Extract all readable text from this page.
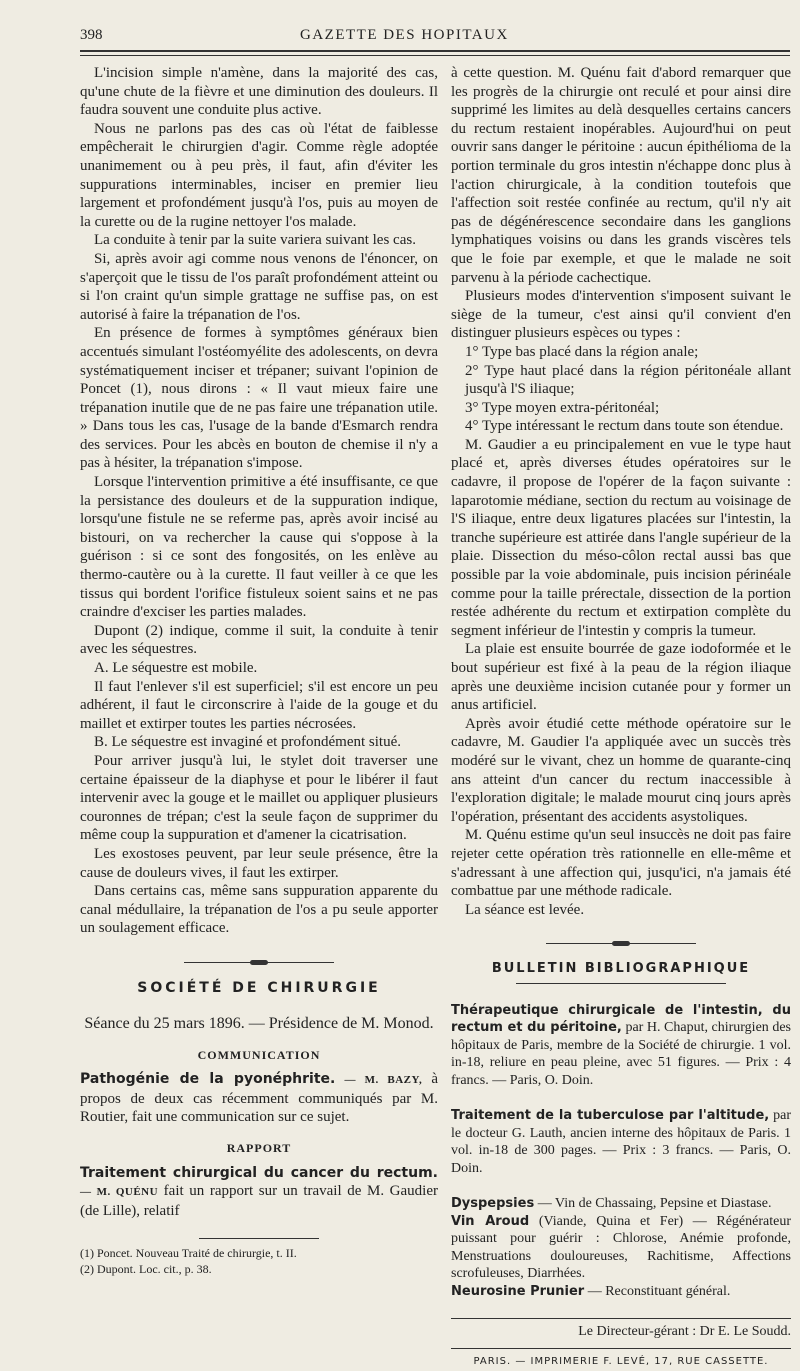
398	GAZETTE DES HOPITAUX

L'incision simple n'amène, dans la majorité des cas, qu'une chute de la fièvre et une diminution des douleurs. Il faudra souvent une conduite plus active.

Nous ne parlons pas des cas où l'état de faiblesse empêcherait le chirurgien d'agir. Comme règle adoptée unanimement ou à peu près, il faut, afin d'éviter les suppurations interminables, inciser en premier lieu largement et profondément jusqu'à l'os, puis au moyen de la curette ou de la rugine nettoyer l'os malade.

La conduite à tenir par la suite variera suivant les cas.

Si, après avoir agi comme nous venons de l'énoncer, on s'aperçoit que le tissu de l'os paraît profondément atteint ou si l'on craint qu'un simple grattage ne suffise pas, on est autorisé à faire la trépanation de l'os.

En présence de formes à symptômes généraux bien accentués simulant l'ostéomyélite des adolescents, on devra systématiquement inciser et trépaner; suivant l'opinion de Poncet (1), nous dirons : « Il vaut mieux faire une trépanation inutile que de ne pas faire une trépanation utile. » Dans tous les cas, l'usage de la bande d'Esmarch rendra des services. Pour les abcès en bouton de chemise il n'y a pas à hésiter, la trépanation s'impose.

Lorsque l'intervention primitive a été insuffisante, ce que la persistance des douleurs et de la suppuration indique, lorsqu'une fistule ne se referme pas, après avoir incisé au bistouri, on va rechercher la cause qui s'oppose à la guérison : si ce sont des fongosités, on les enlève au thermo-cautère ou à la curette. Il faut veiller à ce que les tissus qui bordent l'orifice fistuleux soient sains et ne pas craindre d'exciser les parties malades.

Dupont (2) indique, comme il suit, la conduite à tenir avec les séquestres.

A. Le séquestre est mobile.

Il faut l'enlever s'il est superficiel; s'il est encore un peu adhérent, il faut le circonscrire à l'aide de la gouge et du maillet et extirper toutes les parties nécrosées.

B. Le séquestre est invaginé et profondément situé.

Pour arriver jusqu'à lui, le stylet doit traverser une certaine épaisseur de la diaphyse et pour le libérer il faut intervenir avec la gouge et le maillet ou appliquer plusieurs couronnes de trépan; c'est la seule façon de supprimer du même coup la suppuration et d'amener la cicatrisation.

Les exostoses peuvent, par leur seule présence, être la cause de douleurs vives, il faut les extirper.

Dans certains cas, même sans suppuration apparente du canal médullaire, la trépanation de l'os a pu seule apporter un soulagement efficace.

SOCIÉTÉ DE CHIRURGIE
Séance du 25 mars 1896. — Présidence de M. Monod.
COMMUNICATION

Pathogénie de la pyonéphrite. — M. BAZY, à propos de deux cas récemment communiqués par M. Routier, fait une communication sur ce sujet.

RAPPORT

Traitement chirurgical du cancer du rectum. — M. QUÉNU fait un rapport sur un travail de M. Gaudier (de Lille), relatif

(1) Poncet. Nouveau Traité de chirurgie, t. II.

(2) Dupont. Loc. cit., p. 38.

à cette question. M. Quénu fait d'abord remarquer que les progrès de la chirurgie ont reculé et pour ainsi dire supprimé les limites au delà desquelles certains cancers du rectum restaient inopérables. Aujourd'hui on peut ouvrir sans danger le péritoine : aucun épithélioma de la portion terminale du gros intestin n'échappe donc plus à l'action chirurgicale, à la condition toutefois que l'affection soit restée confinée au rectum, qu'il n'y ait pas de dégénérescence secondaire dans les ganglions lymphatiques voisins ou dans les grands viscères tels que le foie par exemple, et que le malade ne soit parvenu à la période cachectique.

Plusieurs modes d'intervention s'imposent suivant le siège de la tumeur, c'est ainsi qu'il convient d'en distinguer plusieurs espèces ou types :

1° Type bas placé dans la région anale;

2° Type haut placé dans la région péritonéale allant jusqu'à l'S iliaque;

3° Type moyen extra-péritonéal;

4° Type intéressant le rectum dans toute son étendue.

M. Gaudier a eu principalement en vue le type haut placé et, après diverses études opératoires sur le cadavre, il propose de l'opérer de la façon suivante : laparotomie médiane, section du rectum au voisinage de l'S iliaque, entre deux ligatures placées sur l'intestin, la tranche supérieure est attirée dans l'angle supérieur de la plaie. Dissection du méso-côlon rectal aussi bas que possible par la voie abdominale, puis incision périnéale comme pour la taille prérectale, dissection de la portion restée adhérente du rectum et extirpation complète du segment inférieur de l'intestin y compris la tumeur.

La plaie est ensuite bourrée de gaze iodoformée et le bout supérieur est fixé à la peau de la région iliaque après une deuxième incision cutanée pour y former un anus artificiel.

Après avoir étudié cette méthode opératoire sur le cadavre, M. Gaudier l'a appliquée avec un succès très modéré sur le vivant, chez un homme de quarante-cinq ans atteint d'un cancer du rectum inaccessible à l'exploration digitale; le malade mourut cinq jours après l'opération, présentant des accidents asystoliques.

M. Quénu estime qu'un seul insuccès ne doit pas faire rejeter cette opération très rationnelle en elle-même et s'adressant à une affection qui, jusqu'ici, n'a jamais été combattue par une méthode radicale.

La séance est levée.

BULLETIN BIBLIOGRAPHIQUE
Thérapeutique chirurgicale de l'intestin, du rectum et du péritoine, par H. Chaput, chirurgien des hôpitaux de Paris, membre de la Société de chirurgie. 1 vol. in-18, reliure en peau pleine, avec 51 figures. — Prix : 4 francs. — Paris, O. Doin.
Traitement de la tuberculose par l'altitude, par le docteur G. Lauth, ancien interne des hôpitaux de Paris. 1 vol. in-18 de 300 pages. — Prix : 3 francs. — Paris, O. Doin.
Dyspepsies — Vin de Chassaing, Pepsine et Diastase.
Vin Aroud (Viande, Quina et Fer) — Régénérateur puissant pour guérir : Chlorose, Anémie profonde, Menstruations douloureuses, Rachitisme, Affections scrofuleuses, Diarrhées.
Neurosine Prunier — Reconstituant général.
Le Directeur-gérant : Dr E. Le Soudd.
PARIS. — IMPRIMERIE F. LEVÉ, 17, RUE CASSETTE.
